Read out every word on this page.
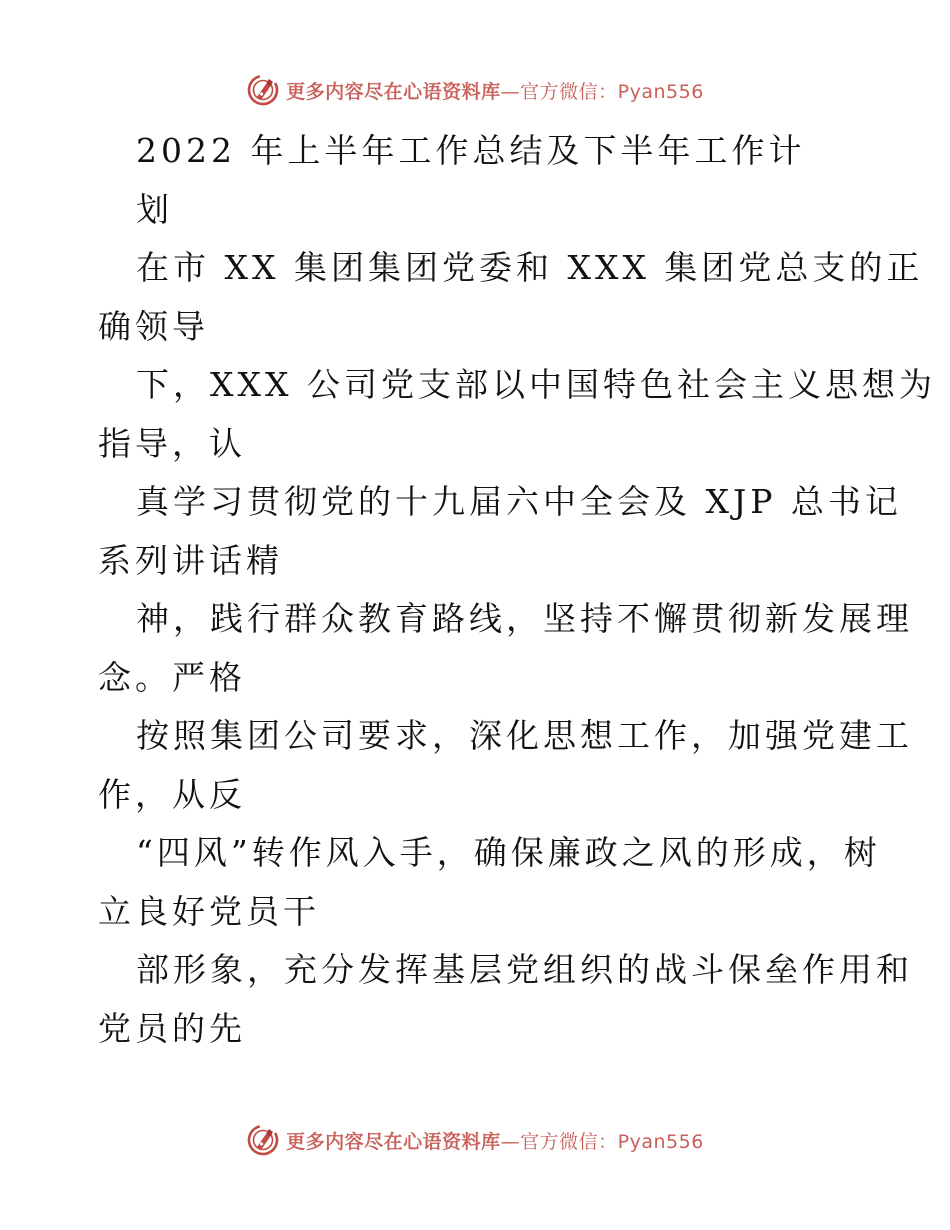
更多内容尽在心语资料库—官方微信：Pyan556
2022 年上半年工作总结及下半年工作计
划
在市 XX 集团集团党委和 XXX 集团党总支的正
确领导
下，XXX 公司党支部以中国特色社会主义思想为
指导，认
真学习贯彻党的十九届六中全会及 XJP 总书记
系列讲话精
神，践行群众教育路线，坚持不懈贯彻新发展理
念。严格
按照集团公司要求，深化思想工作，加强党建工
作，从反
“四风”转作风入手，确保廉政之风的形成，树
立良好党员干
部形象，充分发挥基层党组织的战斗保垒作用和
党员的先
更多内容尽在心语资料库—官方微信：Pyan556
